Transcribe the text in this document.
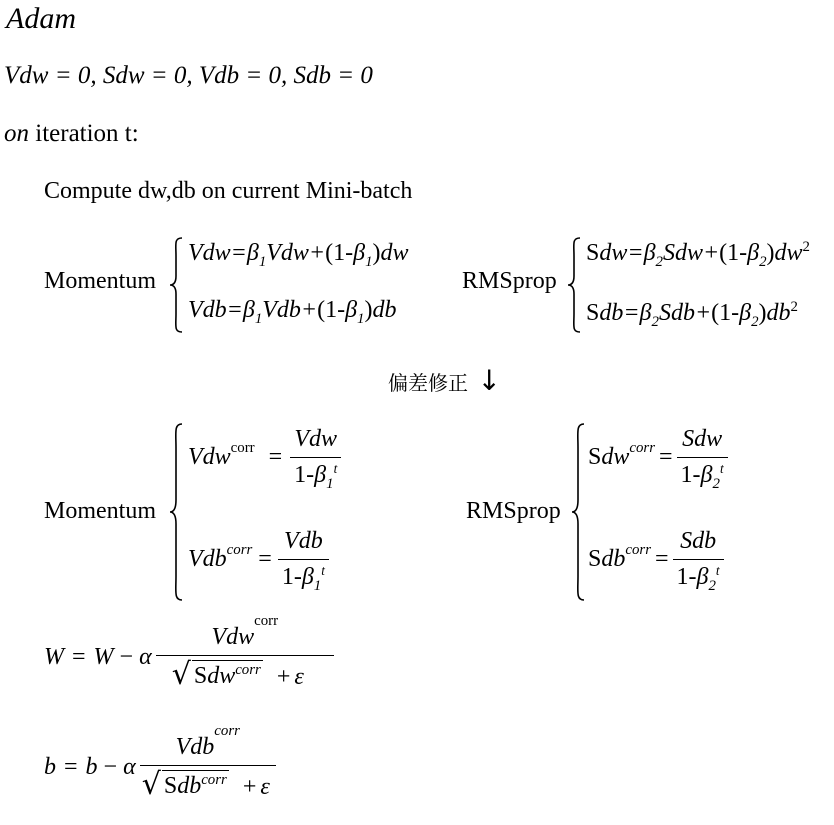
Adam
Vdw = 0, Sdw = 0, Vdb = 0, Sdb = 0
on iteration t:
Compute dw,db on current Mini-batch
Momentum
$Vdw=\beta_1Vdw+(1-\beta_1)dw$
$Vdb=\beta_1Vdb+(1-\beta_1)db$
RMSprop
$Sdw=\beta_2Sdw+(1-\beta_2)dw^2$
$Sdb=\beta_2Sdb+(1-\beta_2)db^2$
偏差修正 ↓
Momentum
$Vdw^{corr} = \frac{\text{Vdw}}{1-\beta_1^t}$
$Vdb^{corr} = \frac{\text{Vdb}}{1-\beta_1^t}$
RMSprop
$Sdw^{corr} = \frac{\text{Sdw}}{1-\beta_2^t}$
$Sdb^{corr} = \frac{\text{Sdb}}{1-\beta_2^t}$
W = W − α $\frac{Vdw^{corr}}{√ Sdw^{corr} + \varepsilon}$
b = b − α $\frac{Vdb^{corr}}{√ Sdb^{corr} + \varepsilon}$
